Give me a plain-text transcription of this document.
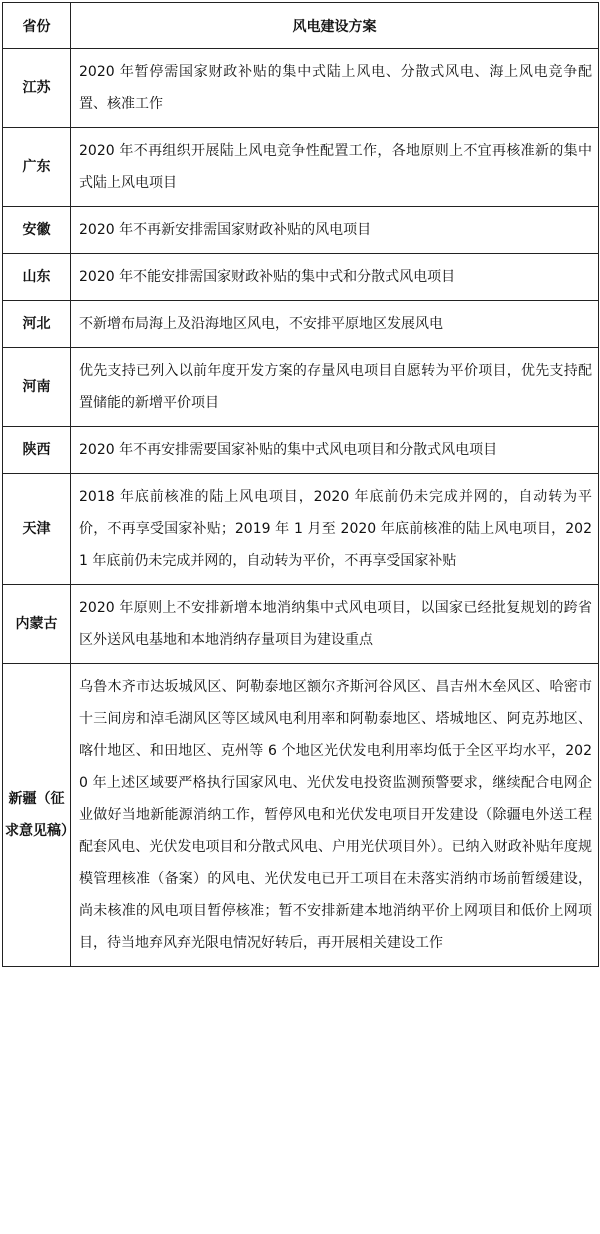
省份	风电建设方案
江苏	2020 年暂停需国家财政补贴的集中式陆上风电、分散式风电、海上风电竞争配置、核准工作
广东	2020 年不再组织开展陆上风电竞争性配置工作，各地原则上不宜再核准新的集中式陆上风电项目
安徽	2020 年不再新安排需国家财政补贴的风电项目
山东	2020 年不能安排需国家财政补贴的集中式和分散式风电项目
河北	不新增布局海上及沿海地区风电，不安排平原地区发展风电
河南	优先支持已列入以前年度开发方案的存量风电项目自愿转为平价项目，优先支持配置储能的新增平价项目
陕西	2020 年不再安排需要国家补贴的集中式风电项目和分散式风电项目
天津	2018 年底前核准的陆上风电项目，2020 年底前仍未完成并网的，自动转为平价，不再享受国家补贴；2019 年 1 月至 2020 年底前核准的陆上风电项目，2021 年底前仍未完成并网的，自动转为平价，不再享受国家补贴
内蒙古	2020 年原则上不安排新增本地消纳集中式风电项目，以国家已经批复规划的跨省区外送风电基地和本地消纳存量项目为建设重点
新疆（征求意见稿）	乌鲁木齐市达坂城风区、阿勒泰地区额尔齐斯河谷风区、昌吉州木垒风区、哈密市十三间房和淖毛湖风区等区域风电利用率和阿勒泰地区、塔城地区、阿克苏地区、喀什地区、和田地区、克州等 6 个地区光伏发电利用率均低于全区平均水平，2020 年上述区域要严格执行国家风电、光伏发电投资监测预警要求，继续配合电网企业做好当地新能源消纳工作，暂停风电和光伏发电项目开发建设（除疆电外送工程配套风电、光伏发电项目和分散式风电、户用光伏项目外）。已纳入财政补贴年度规模管理核准（备案）的风电、光伏发电已开工项目在未落实消纳市场前暂缓建设，尚未核准的风电项目暂停核准；暂不安排新建本地消纳平价上网项目和低价上网项目，待当地弃风弃光限电情况好转后，再开展相关建设工作
